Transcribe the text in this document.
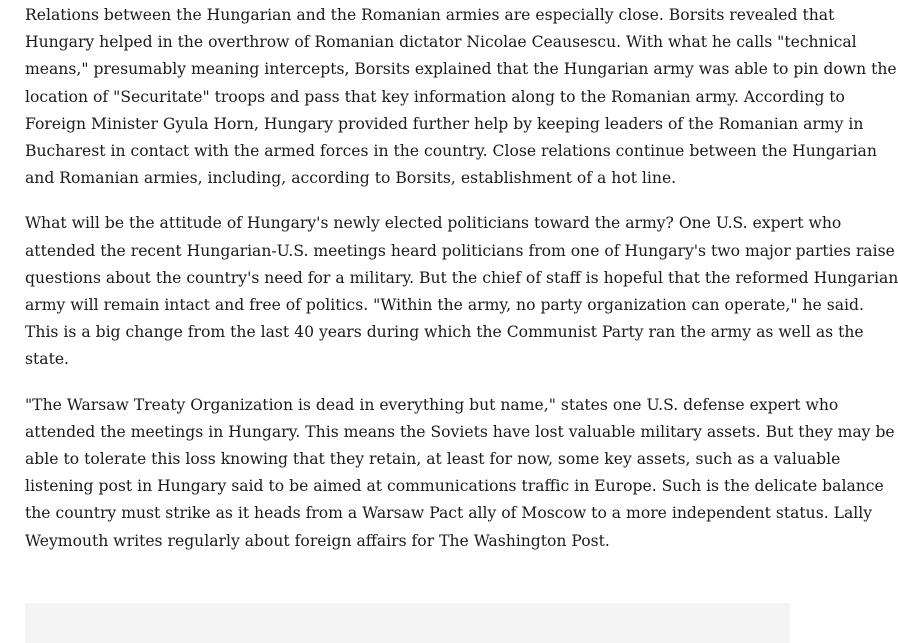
Relations between the Hungarian and the Romanian armies are especially close. Borsits revealed that
Hungary helped in the overthrow of Romanian dictator Nicolae Ceausescu. With what he calls "technical
means," presumably meaning intercepts, Borsits explained that the Hungarian army was able to pin down the
location of "Securitate" troops and pass that key information along to the Romanian army. According to
Foreign Minister Gyula Horn, Hungary provided further help by keeping leaders of the Romanian army in
Bucharest in contact with the armed forces in the country. Close relations continue between the Hungarian
and Romanian armies, including, according to Borsits, establishment of a hot line.

What will be the attitude of Hungary's newly elected politicians toward the army? One U.S. expert who
attended the recent Hungarian-U.S. meetings heard politicians from one of Hungary's two major parties raise
questions about the country's need for a military. But the chief of staff is hopeful that the reformed Hungarian
army will remain intact and free of politics. "Within the army, no party organization can operate," he said.
This is a big change from the last 40 years during which the Communist Party ran the army as well as the
state.

"The Warsaw Treaty Organization is dead in everything but name," states one U.S. defense expert who
attended the meetings in Hungary. This means the Soviets have lost valuable military assets. But they may be
able to tolerate this loss knowing that they retain, at least for now, some key assets, such as a valuable
listening post in Hungary said to be aimed at communications traffic in Europe. Such is the delicate balance
the country must strike as it heads from a Warsaw Pact ally of Moscow to a more independent status. Lally
Weymouth writes regularly about foreign affairs for The Washington Post.
